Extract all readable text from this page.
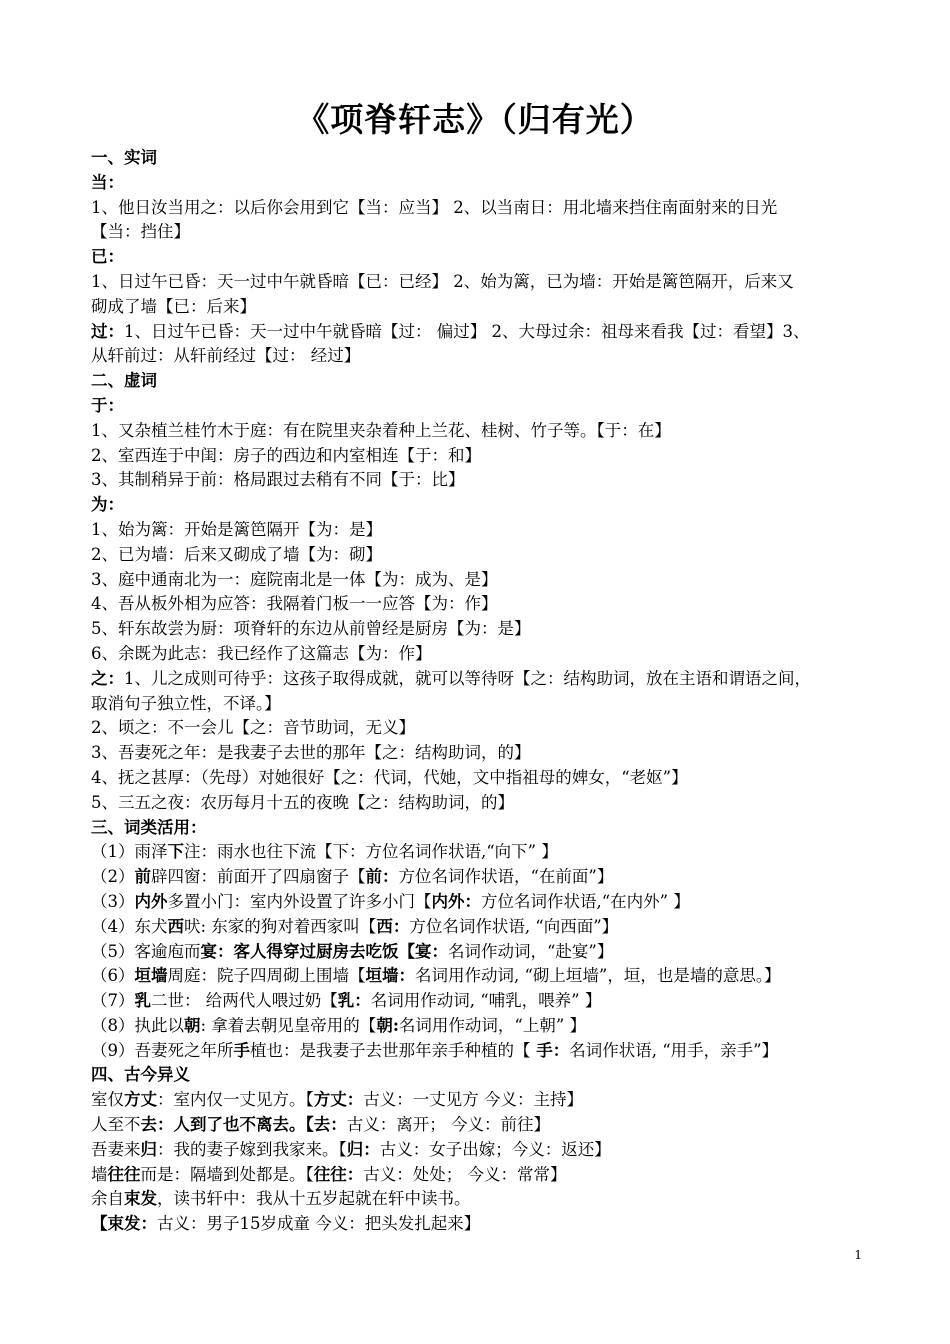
《项脊轩志》（归有光）
一、实词
当：
1、他日汝当用之：以后你会用到它【当：应当】 2、以当南日：用北墙来挡住南面射来的日光
【当：挡住】
已：
1、日过午已昏：天一过中午就昏暗【已：已经】 2、始为篱，已为墙：开始是篱笆隔开，后来又
砌成了墙【已：后来】
过：1、日过午已昏：天一过中午就昏暗【过： 偏过】 2、大母过余：祖母来看我【过：看望】3、
从轩前过：从轩前经过【过： 经过】
二、虚词
于：
1、又杂植兰桂竹木于庭：有在院里夹杂着种上兰花、桂树、竹子等。【于：在】
2、室西连于中闺：房子的西边和内室相连【于：和】
3、其制稍异于前：格局跟过去稍有不同【于：比】
为：
1、始为篱：开始是篱笆隔开【为：是】
2、已为墙：后来又砌成了墙【为：砌】
3、庭中通南北为一：庭院南北是一体【为：成为、是】
4、吾从板外相为应答：我隔着门板一一应答【为：作】
5、轩东故尝为厨：项脊轩的东边从前曾经是厨房【为：是】
6、余既为此志：我已经作了这篇志【为：作】
之：1、儿之成则可待乎：这孩子取得成就，就可以等待呀【之：结构助词，放在主语和谓语之间，
取消句子独立性，不译。】
2、顷之：不一会儿【之：音节助词，无义】
3、吾妻死之年：是我妻子去世的那年【之：结构助词，的】
4、抚之甚厚：（先母）对她很好【之：代词，代她，文中指祖母的婢女，“老妪”】
5、三五之夜：农历每月十五的夜晚【之：结构助词，的】
三、词类活用：
（1）雨泽下注：雨水也往下流【下：方位名词作状语,“向下” 】
（2）前辟四窗：前面开了四扇窗子【前：方位名词作状语，“在前面”】
（3）内外多置小门：室内外设置了许多小门【内外：方位名词作状语,“在内外” 】
（4）东犬西吠: 东家的狗对着西家叫【西：方位名词作状语, “向西面”】
（5）客逾庖而宴：客人得穿过厨房去吃饭【宴：名词作动词，“赴宴”】
（6）垣墙周庭：院子四周砌上围墙【垣墙：名词用作动词, “砌上垣墙”，垣，也是墙的意思。】
（7）乳二世： 给两代人喂过奶【乳：名词用作动词, “哺乳，喂养” 】
（8）执此以朝: 拿着去朝见皇帝用的【朝:名词用作动词，“上朝” 】
（9）吾妻死之年所手植也：是我妻子去世那年亲手种植的【 手：名词作状语, “用手，亲手”】
四、古今异义
室仅方丈：室内仅一丈见方。【方丈：古义：一丈见方 今义：主持】
人至不去：人到了也不离去。【去：古义：离开； 今义：前往】
吾妻来归：我的妻子嫁到我家来。【归：古义：女子出嫁；今义：返还】
墙往往而是：隔墙到处都是。【往往：古义：处处； 今义：常常】
余自束发，读书轩中：我从十五岁起就在轩中读书。
【束发：古义：男子15岁成童 今义：把头发扎起来】
1
